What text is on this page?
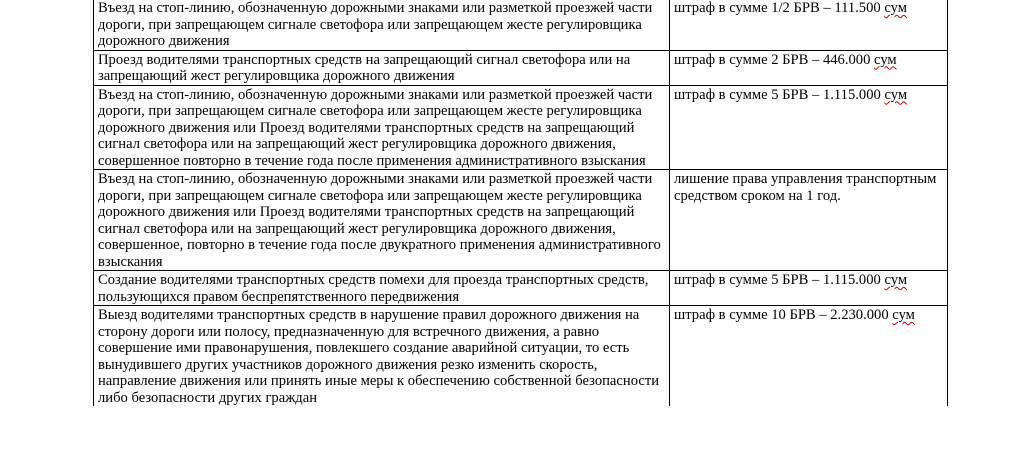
Въезд на стоп-линию, обозначенную дорожными знаками или разметкой проезжей части дороги, при запрещающем сигнале светофора или запрещающем жесте регулировщика дорожного движения	штраф в сумме 1/2 БРВ – 111.500 сум

Проезд водителями транспортных средств на запрещающий сигнал светофора или на запрещающий жест регулировщика дорожного движения	штраф в сумме 2 БРВ – 446.000 сум

Въезд на стоп-линию, обозначенную дорожными знаками или разметкой проезжей части дороги, при запрещающем сигнале светофора или запрещающем жесте регулировщика дорожного движения или Проезд водителями транспортных средств на запрещающий сигнал светофора или на запрещающий жест регулировщика дорожного движения, совершенное повторно в течение года после применения административного взыскания	штраф в сумме 5 БРВ – 1.115.000 сум

Въезд на стоп-линию, обозначенную дорожными знаками или разметкой проезжей части дороги, при запрещающем сигнале светофора или запрещающем жесте регулировщика дорожного движения или Проезд водителями транспортных средств на запрещающий сигнал светофора или на запрещающий жест регулировщика дорожного движения, совершенное, повторно в течение года после двукратного применения административного взыскания	лишение права управления транспортным средством сроком на 1 год.

Создание водителями транспортных средств помехи для проезда транспортных средств, пользующихся правом беспрепятственного передвижения	штраф в сумме 5 БРВ – 1.115.000 сум

Выезд водителями транспортных средств в нарушение правил дорожного движения на сторону дороги или полосу, предназначенную для встречного движения, а равно совершение ими правонарушения, повлекшего создание аварийной ситуации, то есть вынудившего других участников дорожного движения резко изменить скорость, направление движения или принять иные меры к обеспечению собственной безопасности либо безопасности других граждан	штраф в сумме 10 БРВ – 2.230.000 сум
